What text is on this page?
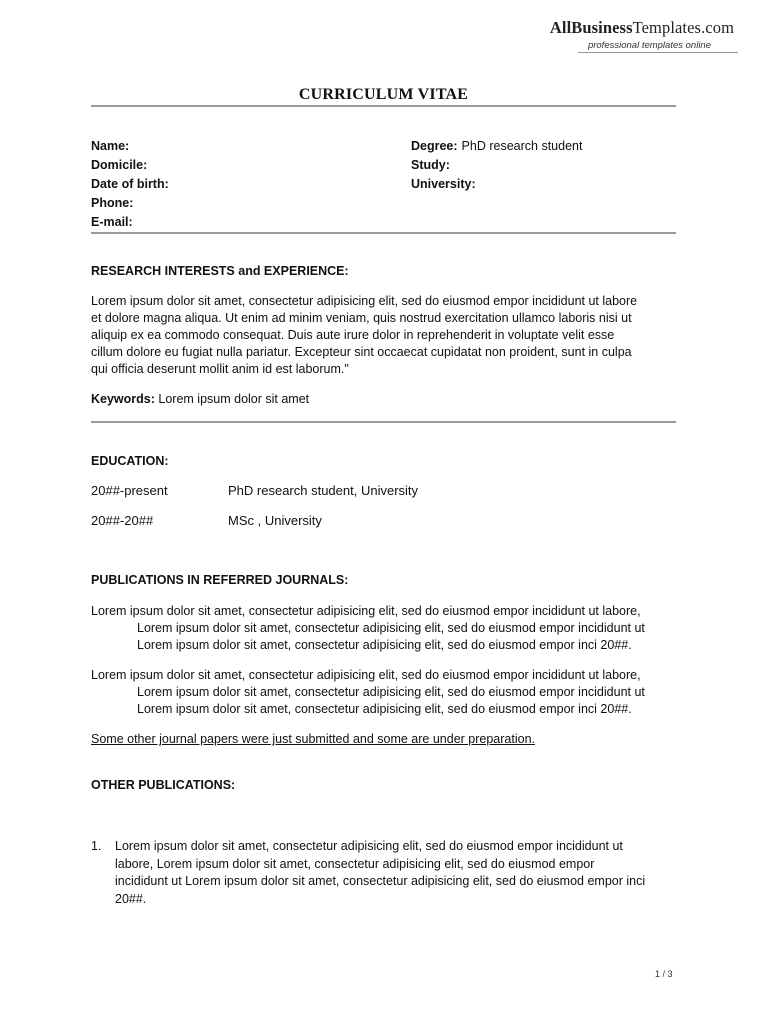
AllBusinessTemplates.com
professional templates online
CURRICULUM VITAE
Name:
Domicile:
Date of birth:
Phone:
E-mail:
Degree: PhD research student
Study:
University:
RESEARCH INTERESTS and EXPERIENCE:
Lorem ipsum dolor sit amet, consectetur adipisicing elit, sed do eiusmod empor incididunt ut labore
et dolore magna aliqua. Ut enim ad minim veniam, quis nostrud exercitation ullamco laboris nisi ut
aliquip ex ea commodo consequat. Duis aute irure dolor in reprehenderit in voluptate velit esse
cillum dolore eu fugiat nulla pariatur. Excepteur sint occaecat cupidatat non proident, sunt in culpa
qui officia deserunt mollit anim id est laborum."
Keywords: Lorem ipsum dolor sit amet
EDUCATION:
20##-present	PhD research student, University
20##-20##	MSc , University
PUBLICATIONS IN REFERRED JOURNALS:
Lorem ipsum dolor sit amet, consectetur adipisicing elit, sed do eiusmod empor incididunt ut labore,
Lorem ipsum dolor sit amet, consectetur adipisicing elit, sed do eiusmod empor incididunt ut
Lorem ipsum dolor sit amet, consectetur adipisicing elit, sed do eiusmod empor inci 20##.
Lorem ipsum dolor sit amet, consectetur adipisicing elit, sed do eiusmod empor incididunt ut labore,
Lorem ipsum dolor sit amet, consectetur adipisicing elit, sed do eiusmod empor incididunt ut
Lorem ipsum dolor sit amet, consectetur adipisicing elit, sed do eiusmod empor inci 20##.
Some other journal papers were just submitted and some are under preparation.
OTHER PUBLICATIONS:
1. Lorem ipsum dolor sit amet, consectetur adipisicing elit, sed do eiusmod empor incididunt ut
labore, Lorem ipsum dolor sit amet, consectetur adipisicing elit, sed do eiusmod empor
incididunt ut Lorem ipsum dolor sit amet, consectetur adipisicing elit, sed do eiusmod empor inci
20##.
1 / 3
